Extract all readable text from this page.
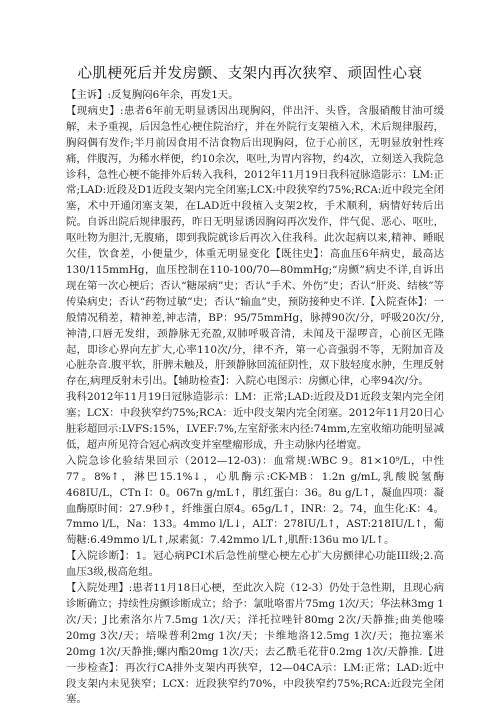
心肌梗死后并发房颤、支架内再次狭窄、顽固性心衰

【主诉】:反复胸闷6年余，再发1天。

【现病史】:患者6年前无明显诱因出现胸闷，伴出汗、头昏，含服硝酸甘油可缓解，未予重视，后因急性心梗住院治疗，并在外院行支架植入术，术后规律服药，胸闷偶有发作;半月前因食用不洁食物后出现胸闷，位于心前区，无明显放射性疼痛，伴腹泻，为稀水样便，约10余次，呕吐,为胃内容物，约4次，立刻送入我院急诊科，急性心梗不能排外后转入我科，2012年11月19日我科冠脉造影示：LM:正常;LAD:近段及D1近段支架内完全闭塞;LCX:中段狭窄约75%;RCA:近中段完全闭塞，术中开通闭塞支架，在LAD近中段植入支架2枚，手术顺利，病情好转后出院。自诉出院后规律服药，昨日无明显诱因胸闷再次发作，伴气促、恶心、呕吐，呕吐物为胆汁,无腹痛，即到我院就诊后再次入住我科。此次起病以来,精神、睡眠欠佳，饮食差，小便量少，体重无明显变化【既往史】：高血压6年病史，最高达130/115mmHg，血压控制在110-100/70—80mmHg;“房颤”病史不详,自诉出现在第一次心梗后；否认“糖尿病”史；否认“手术、外伤”史；否认“肝炎、结核”等传染病史；否认“药物过敏”史；否认“输血”史，预防接种史不详.【入院查体】：一般情况稍差，精神差,神志清，BP：95/75mmHg，脉搏90次/分，呼吸20次/分,神清,口唇无发绀，颈静脉无充盈,双肺呼吸音清，未闻及干湿啰音，心前区无隆起，即诊心界向左扩大,心率110次/分，律不齐，第一心音强弱不等，无附加音及心脏杂音.腹平软，肝脾未触及，肝颈静脉回流征阴性，双下肢轻度水肿，生理反射存在,病理反射未引出。【辅助检查】：入院心电图示：房颤心律，心率94次/分。

我科2012年11月19日冠脉造影示：LM：正常;LAD:近段及D1近段支架内完全闭塞；LCX：中段狭窄约75%;RCA：近中段支架内完全闭塞。2012年11月20日心脏彩超回示:LVFS:15%，LVEF:7%,左室舒张末内径:74mm,左室收缩功能明显减低，超声所见符合冠心病改变并室壁瘤形成，升主动脉内径增宽。

入院急诊化验结果回示（2012—12-03)：血常规:WBC 9。81×10⁹/L，中性77。8%↑，淋巴15.1%↓，心肌酶示:CK-MB：1.2n g/mL,乳酸脱氢酶468IU/L，CTn I：0。067n g/mL↑，肌红蛋白：36。8u g/L↑，凝血四项：凝血酶原时间：27.9秒↑，纤维蛋白原4。65g/L↑，INR：2。74，血生化:K：4。7mmo l/L，Na：133。4mmo l/L↓，ALT：278IU/L↑，AST:218IU/L↑，葡萄糖:6.49mmo l/L↑,尿素氮：7.42mmo l/L↑,肌酐:136u mo l/L↑。

【入院诊断】：1。冠心病PCI术后急性前壁心梗左心扩大房颤律心功能III级;2.高血压3级,极高危组。

【入院处理】:患者11月18日心梗，至此次入院（12-3）仍处于急性期，且现心病诊断确立；持续性房颤诊断成立；给予：氯吡咯雷片75mg 1次/天；华法林3mg 1次/天；J比索洛尔片7.5mg 1次/天；洋托拉唑针80mg 2次/天静推;曲美他嗪20mg 3次/天；培哚普利2mg 1次/天；卡维地洛12.5mg 1次/天；拖拉塞米20mg 1次/天静推;螺内酯20mg 1次/天；去乙酰毛花苷0.2mg 1次/天静推.【进一步检查】：再次行CA排外支架内再狭窄，12—04CA示：LM:正常；LAD:近中段支架内未见狭窄；LCX：近段狭窄约70%，中段狭窄约75%;RCA:近段完全闭塞。
